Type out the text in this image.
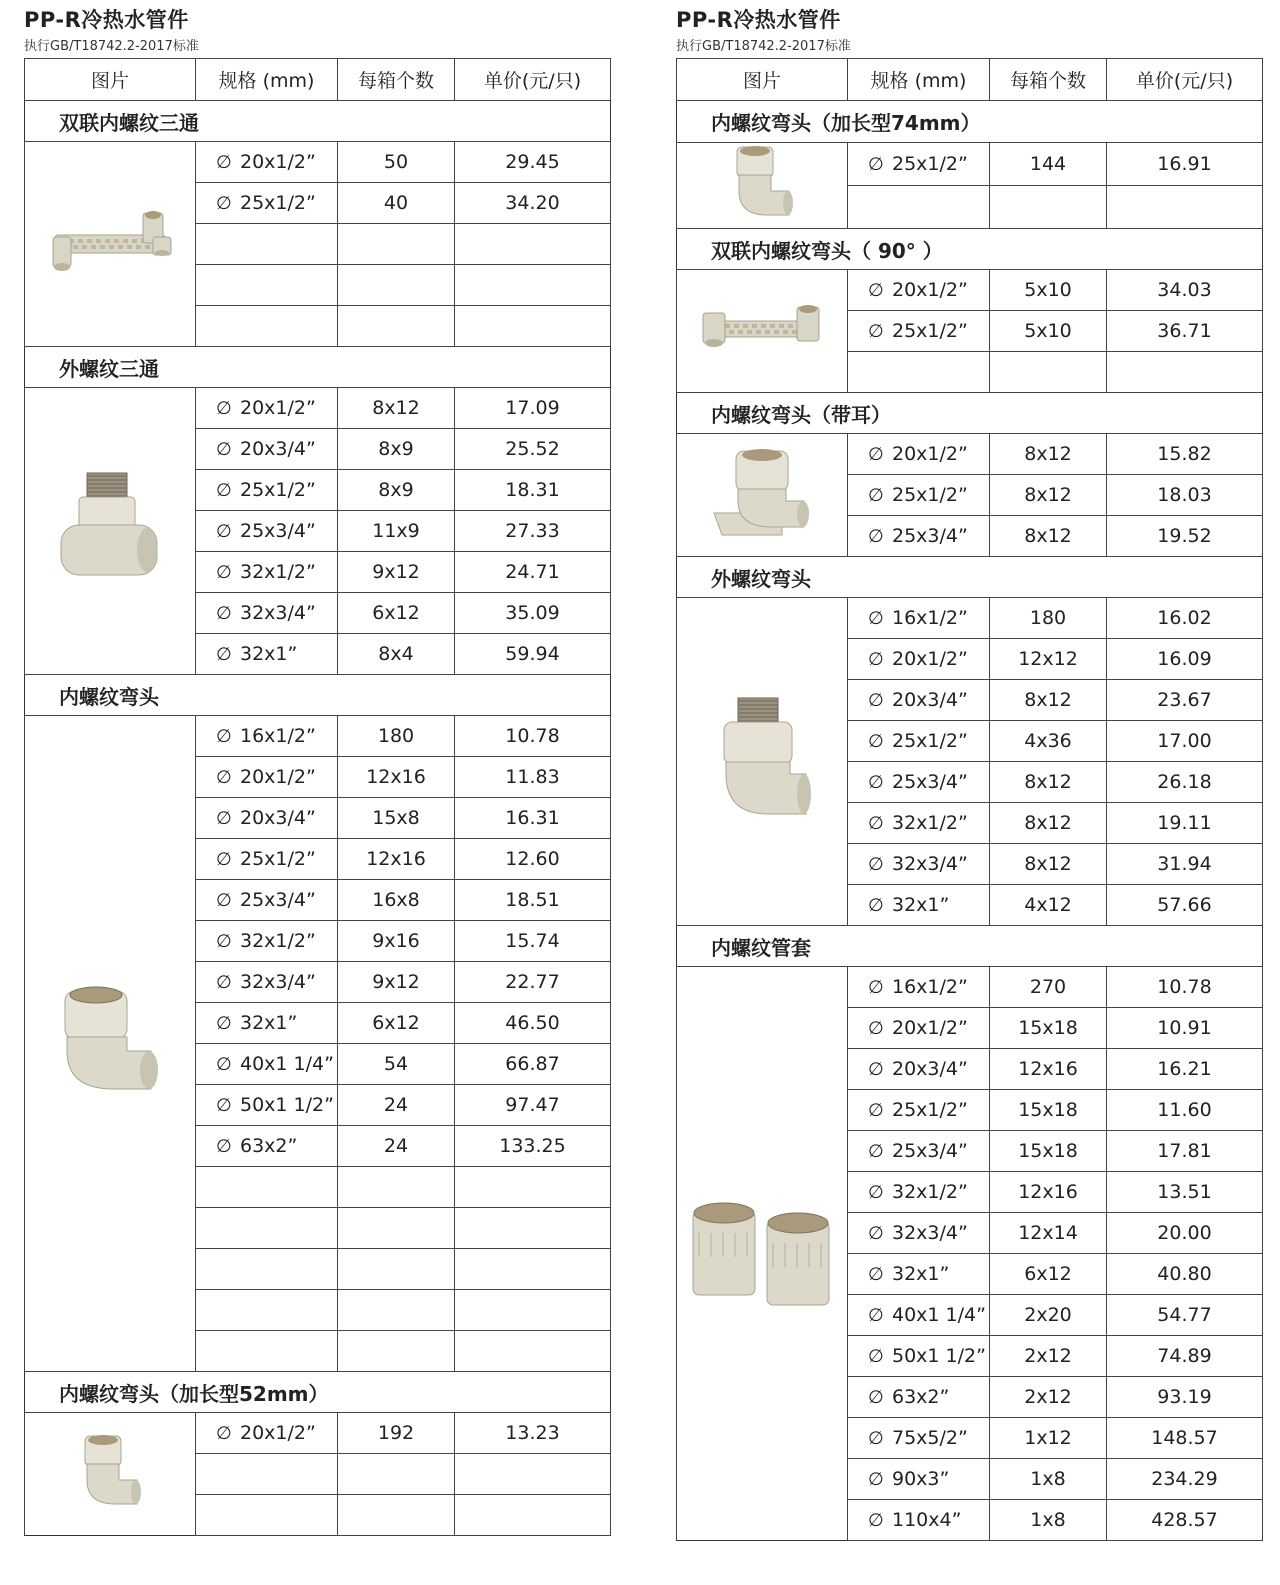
PP-R冷热水管件
执行GB/T18742.2-2017标准
图片	规格 (mm)	每箱个数	单价(元/只)
双联内螺纹三通			

	∅ 20x1/2”	50	29.45
	∅ 25x1/2”	40	34.20

外螺纹三通			

	∅ 20x1/2”	8x12	17.09
	∅ 20x3/4”	8x9	25.52
	∅ 25x1/2”	8x9	18.31
	∅ 25x3/4”	11x9	27.33
	∅ 32x1/2”	9x12	24.71
	∅ 32x3/4”	6x12	35.09
	∅ 32x1”	8x4	59.94
内螺纹弯头			

	∅ 16x1/2”	180	10.78
	∅ 20x1/2”	12x16	11.83
	∅ 20x3/4”	15x8	16.31
	∅ 25x1/2”	12x16	12.60
	∅ 25x3/4”	16x8	18.51
	∅ 32x1/2”	9x16	15.74
	∅ 32x3/4”	9x12	22.77
	∅ 32x1”	6x12	46.50
	∅ 40x1 1/4”	54	66.87
	∅ 50x1 1/2”	24	97.47
	∅ 63x2”	24	133.25

内螺纹弯头（加长型52mm）			

	∅ 20x1/2”	192	13.23

PP-R冷热水管件
执行GB/T18742.2-2017标准
图片	规格 (mm)	每箱个数	单价(元/只)
内螺纹弯头（加长型74mm）			

	∅ 25x1/2”	144	16.91

双联内螺纹弯头（ 90° ）			

	∅ 20x1/2”	5x10	34.03
	∅ 25x1/2”	5x10	36.71

内螺纹弯头（带耳）			

	∅ 20x1/2”	8x12	15.82
	∅ 25x1/2”	8x12	18.03
	∅ 25x3/4”	8x12	19.52
外螺纹弯头			

	∅ 16x1/2”	180	16.02
	∅ 20x1/2”	12x12	16.09
	∅ 20x3/4”	8x12	23.67
	∅ 25x1/2”	4x36	17.00
	∅ 25x3/4”	8x12	26.18
	∅ 32x1/2”	8x12	19.11
	∅ 32x3/4”	8x12	31.94
	∅ 32x1”	4x12	57.66
内螺纹管套			

	∅ 16x1/2”	270	10.78
	∅ 20x1/2”	15x18	10.91
	∅ 20x3/4”	12x16	16.21
	∅ 25x1/2”	15x18	11.60
	∅ 25x3/4”	15x18	17.81
	∅ 32x1/2”	12x16	13.51
	∅ 32x3/4”	12x14	20.00
	∅ 32x1”	6x12	40.80
	∅ 40x1 1/4”	2x20	54.77
	∅ 50x1 1/2”	2x12	74.89
	∅ 63x2”	2x12	93.19
	∅ 75x5/2”	1x12	148.57
	∅ 90x3”	1x8	234.29
	∅ 110x4”	1x8	428.57
